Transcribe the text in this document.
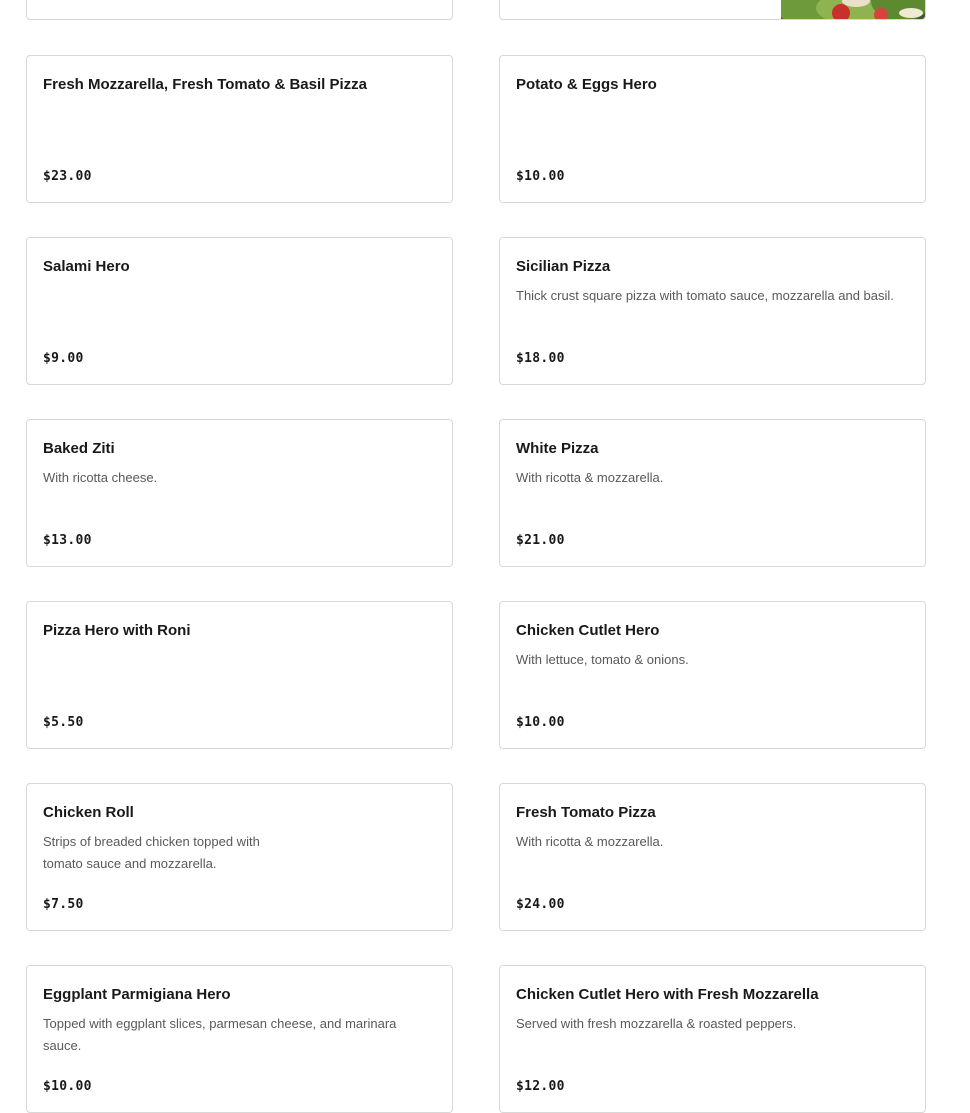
Fresh Mozzarella, Fresh Tomato & Basil Pizza
$23.00
Potato & Eggs Hero
$10.00
Salami Hero
$9.00
Sicilian Pizza
Thick crust square pizza with tomato sauce, mozzarella and basil.
$18.00
Baked Ziti
With ricotta cheese.
$13.00
White Pizza
With ricotta & mozzarella.
$21.00
Pizza Hero with Roni
$5.50
Chicken Cutlet Hero
With lettuce, tomato & onions.
$10.00
Chicken Roll
Strips of breaded chicken topped with tomato sauce and mozzarella.
$7.50
Fresh Tomato Pizza
With ricotta & mozzarella.
$24.00
Eggplant Parmigiana Hero
Topped with eggplant slices, parmesan cheese, and marinara sauce.
$10.00
Chicken Cutlet Hero with Fresh Mozzarella
Served with fresh mozzarella & roasted peppers.
$12.00
